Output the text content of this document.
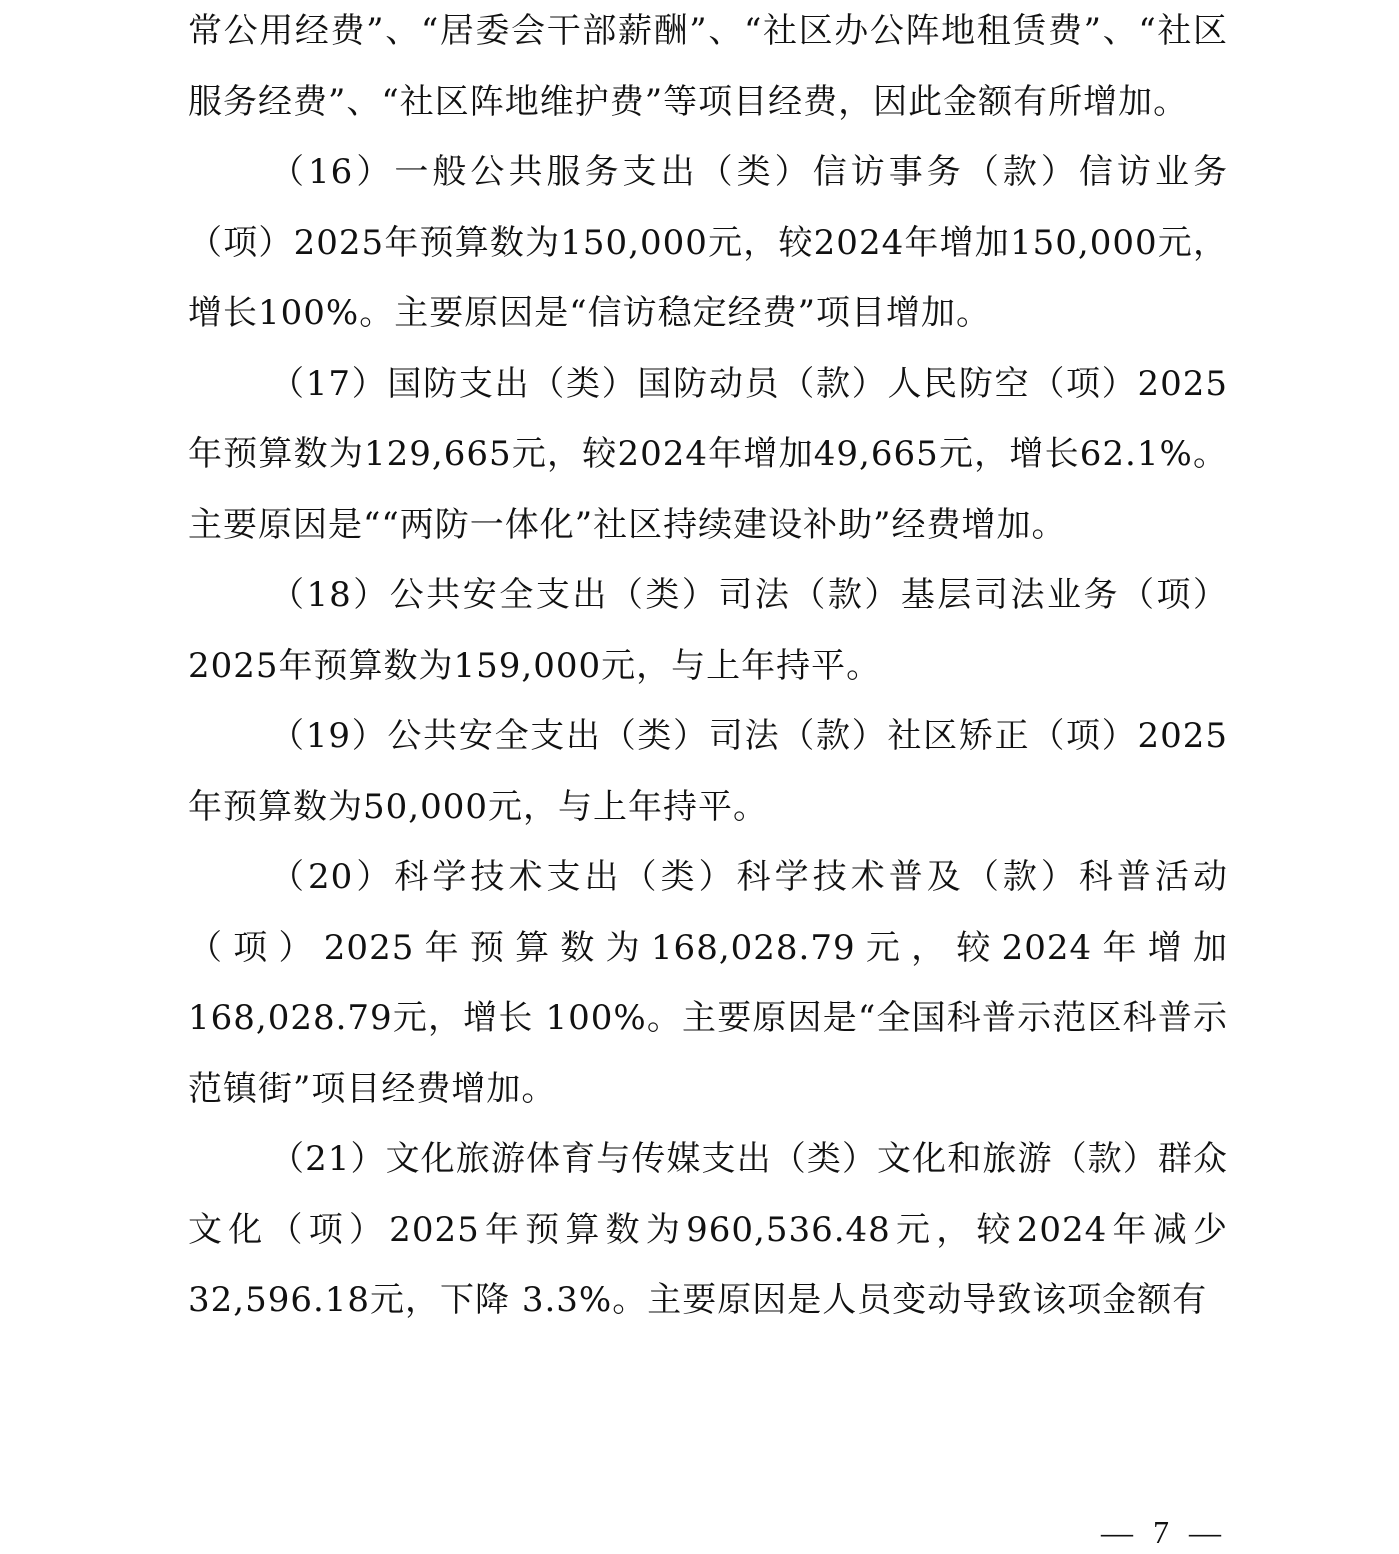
常公用经费”、“居委会干部薪酬”、“社区办公阵地租赁费”、“社区服务经费”、“社区阵地维护费”等项目经费，因此金额有所增加。

（16）一般公共服务支出（类）信访事务（款）信访业务（项）2025年预算数为150,000元，较2024年增加150,000元，增长100%。主要原因是“信访稳定经费”项目增加。

（17）国防支出（类）国防动员（款）人民防空（项）2025年预算数为129,665元，较2024年增加49,665元，增长62.1%。主要原因是““两防一体化”社区持续建设补助”经费增加。

（18）公共安全支出（类）司法（款）基层司法业务（项）2025年预算数为159,000元，与上年持平。

（19）公共安全支出（类）司法（款）社区矫正（项）2025年预算数为50,000元，与上年持平。

（20）科学技术支出（类）科学技术普及（款）科普活动（项）2025年预算数为168,028.79元，较2024年增加168,028.79元，增长 100%。主要原因是“全国科普示范区科普示范镇街”项目经费增加。

（21）文化旅游体育与传媒支出（类）文化和旅游（款）群众文化（项）2025年预算数为960,536.48元，较2024年减少32,596.18元，下降 3.3%。主要原因是人员变动导致该项金额有

— 7 —
